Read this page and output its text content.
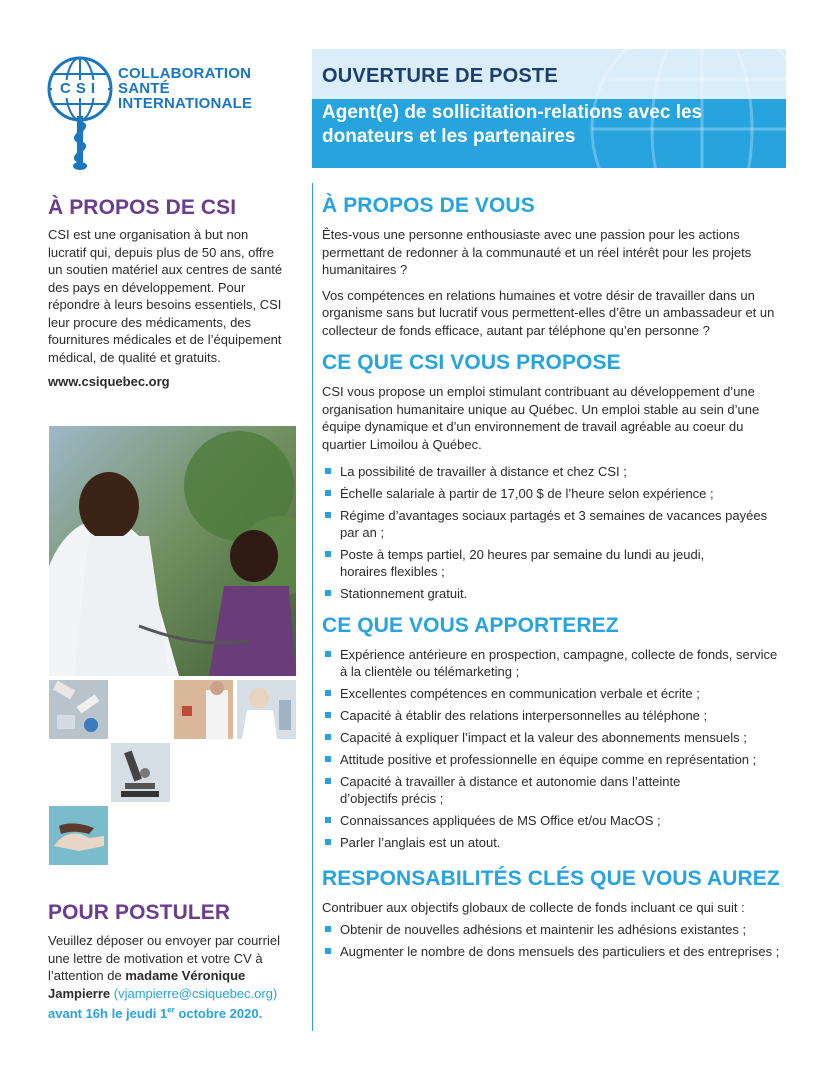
CSI
COLLABORATION
SANTÉ
INTERNATIONALE
OUVERTURE DE POSTE
Agent(e) de sollicitation-relations avec les donateurs et les partenaires
À PROPOS DE CSI

CSI est une organisation à but non lucratif qui, depuis plus de 50 ans, offre un soutien matériel aux centres de santé des pays en développement. Pour répondre à leurs besoins essentiels, CSI leur procure des médicaments, des fournitures médicales et de l’équipement médical, de qualité et gratuits.

www.csiquebec.org
POUR POSTULER
Veuillez déposer ou envoyer par courriel une lettre de motivation et votre CV à l’attention de madame Véronique Jampierre (vjampierre@csiquebec.org) avant 16h le jeudi 1er octobre 2020.
À PROPOS DE VOUS

Êtes-vous une personne enthousiaste avec une passion pour les actions permettant de redonner à la communauté et un réel intérêt pour les projets humanitaires ?

Vos compétences en relations humaines et votre désir de travailler dans un organisme sans but lucratif vous permettent-elles d’être un ambassadeur et un collecteur de fonds efficace, autant par téléphone qu’en personne ?

CE QUE CSI VOUS PROPOSE

CSI vous propose un emploi stimulant contribuant au développement d’une organisation humanitaire unique au Québec. Un emploi stable au sein d’une équipe dynamique et d’un environnement de travail agréable au coeur du quartier Limoilou à Québec.

La possibilité de travailler à distance et chez CSI ;
Échelle salariale à partir de 17,00 $ de l’heure selon expérience ;
Régime d’avantages sociaux partagés et 3 semaines de vacances payées par an ;
Poste à temps partiel, 20 heures par semaine du lundi au jeudi, horaires flexibles ;
Stationnement gratuit.
CE QUE VOUS APPORTEREZ
Expérience antérieure en prospection, campagne, collecte de fonds, service à la clientèle ou télémarketing ;
Excellentes compétences en communication verbale et écrite ;
Capacité à établir des relations interpersonnelles au téléphone ;
Capacité à expliquer l’impact et la valeur des abonnements mensuels ;
Attitude positive et professionnelle en équipe comme en représentation ;
Capacité à travailler à distance et autonomie dans l’atteinte d’objectifs précis ;
Connaissances appliquées de MS Office et/ou MacOS ;
Parler l’anglais est un atout.
RESPONSABILITÉS CLÉS QUE VOUS AUREZ

Contribuer aux objectifs globaux de collecte de fonds incluant ce qui suit :

Obtenir de nouvelles adhésions et maintenir les adhésions existantes ;
Augmenter le nombre de dons mensuels des particuliers et des entreprises ;
